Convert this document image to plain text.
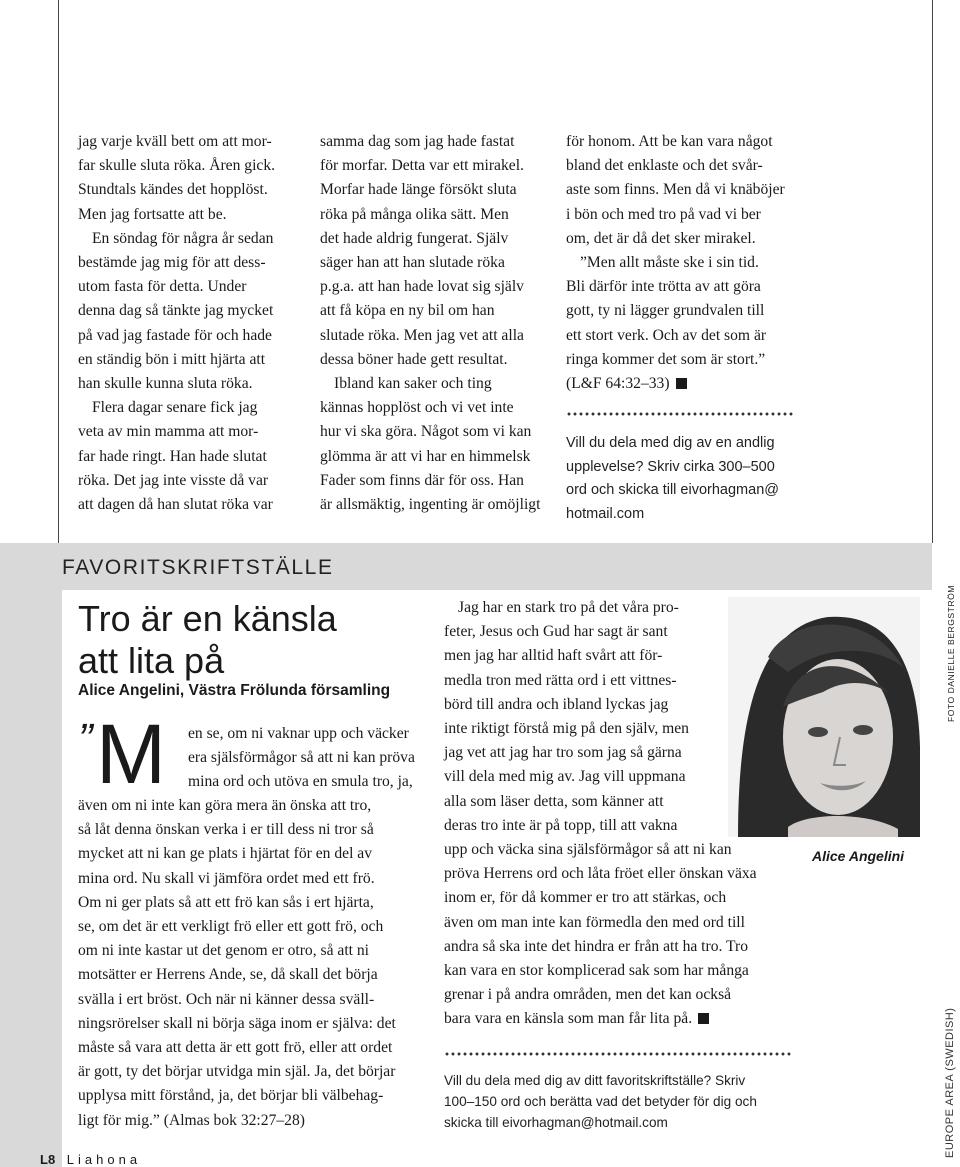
jag varje kväll bett om att mor-

far skulle sluta röka. Åren gick.

Stundtals kändes det hopplöst.

Men jag fortsatte att be.

En söndag för några år sedan

bestämde jag mig för att dess-

utom fasta för detta. Under

denna dag så tänkte jag mycket

på vad jag fastade för och hade

en ständig bön i mitt hjärta att

han skulle kunna sluta röka.

Flera dagar senare fick jag

veta av min mamma att mor-

far hade ringt. Han hade slutat

röka. Det jag inte visste då var

att dagen då han slutat röka var

samma dag som jag hade fastat

för morfar. Detta var ett mirakel.

Morfar hade länge försökt sluta

röka på många olika sätt. Men

det hade aldrig fungerat. Själv

säger han att han slutade röka

p.g.a. att han hade lovat sig själv

att få köpa en ny bil om han

slutade röka. Men jag vet att alla

dessa böner hade gett resultat.

Ibland kan saker och ting

kännas hopplöst och vi vet inte

hur vi ska göra. Något som vi kan

glömma är att vi har en himmelsk

Fader som finns där för oss. Han

är allsmäktig, ingenting är omöjligt

för honom. Att be kan vara något

bland det enklaste och det svår-

aste som finns. Men då vi knäböjer

i bön och med tro på vad vi ber

om, det är då det sker mirakel.

”Men allt måste ske i sin tid.

Bli därför inte trötta av att göra

gott, ty ni lägger grundvalen till

ett stort verk. Och av det som är

ringa kommer det som är stort.”

(L&F 64:32–33)

Vill du dela med dig av en andlig
upplevelse? Skriv cirka 300–500
ord och skicka till eivorhagman@
hotmail.com
FAVORITSKRIFTSTÄLLE
Tro är en känsla
att lita på
Alice Angelini, Västra Frölunda församling
” M en se, om ni vaknar upp och väcker
era själsförmågor så att ni kan pröva
mina ord och utöva en smula tro, ja,
även om ni inte kan göra mera än önska att tro,
så låt denna önskan verka i er till dess ni tror så
mycket att ni kan ge plats i hjärtat för en del av
mina ord. Nu skall vi jämföra ordet med ett frö.
Om ni ger plats så att ett frö kan sås i ert hjärta,
se, om det är ett verkligt frö eller ett gott frö, och
om ni inte kastar ut det genom er otro, så att ni
motsätter er Herrens Ande, se, då skall det börja
svälla i ert bröst. Och när ni känner dessa sväll-
ningsrörelser skall ni börja säga inom er själva: det
måste så vara att detta är ett gott frö, eller att ordet
är gott, ty det börjar utvidga min själ. Ja, det börjar
upplysa mitt förstånd, ja, det börjar bli välbehag-
ligt för mig.” (Almas bok 32:27–28)

Jag har en stark tro på det våra pro-

feter, Jesus och Gud har sagt är sant

men jag har alltid haft svårt att för-

medla tron med rätta ord i ett vittnes-

börd till andra och ibland lyckas jag

inte riktigt förstå mig på den själv, men

jag vet att jag har tro som jag så gärna

vill dela med mig av. Jag vill uppmana

alla som läser detta, som känner att

deras tro inte är på topp, till att vakna

upp och väcka sina själsförmågor så att ni kan

pröva Herrens ord och låta fröet eller önskan växa

inom er, för då kommer er tro att stärkas, och

även om man inte kan förmedla den med ord till

andra så ska inte det hindra er från att ha tro. Tro

kan vara en stor komplicerad sak som har många

grenar i på andra områden, men det kan också

bara vara en känsla som man får lita på.

Vill du dela med dig av ditt favoritskriftställe? Skriv
100–150 ord och berätta vad det betyder för dig och
skicka till eivorhagman@hotmail.com
FOTO DANIELLE BERGSTRÖM
Alice Angelini
L8 Liahona
EUROPE AREA (SWEDISH)
